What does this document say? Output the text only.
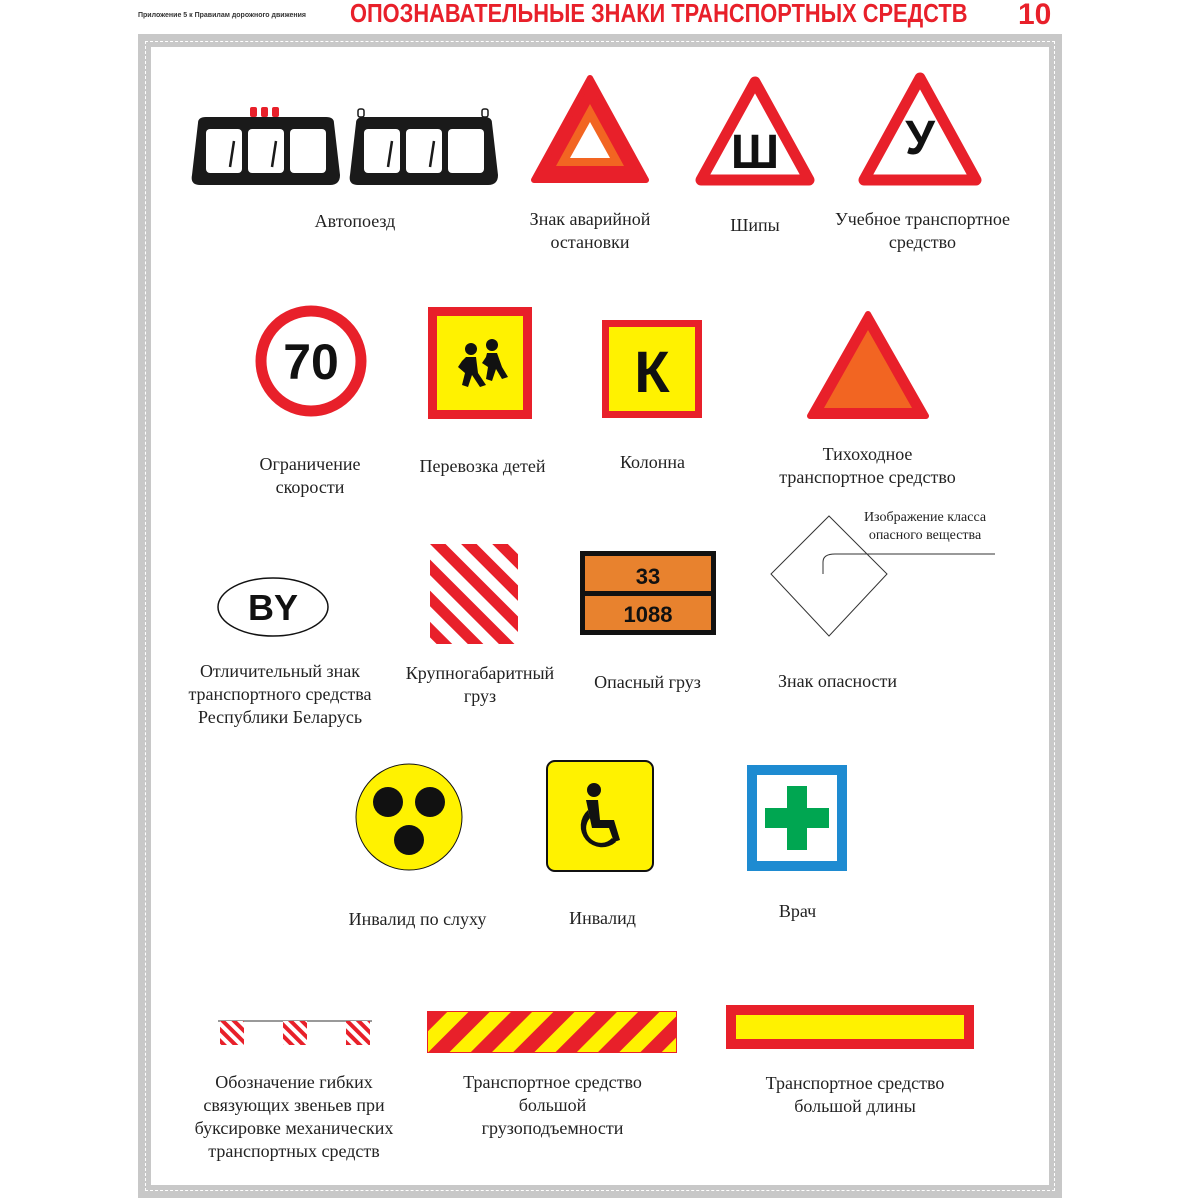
Приложение 5 к Правилам дорожного движения ОПОЗНАВАТЕЛЬНЫЕ ЗНАКИ ТРАНСПОРТНЫХ СРЕДСТВ 10
Автопоезд	Знак аварийной
остановки
Ш
Шипы
У
Учебное транспортное
средство
70
Ограничение
скорости
Перевозка детей
К
Колонна	Тихоходное
транспортное средство
BY
Отличительный знак
транспортного средства
Республики Беларусь
Крупногабаритный
груз
33
1088
Опасный груз
Изображение класса
опасного вещества
Знак опасности
Инвалид по слуху	Инвалид	Врач
Обозначение гибких
связующих звеньев при
буксировке механических
транспортных средств
Транспортное средство
большой
грузоподъемности
Транспортное средство
большой длины
